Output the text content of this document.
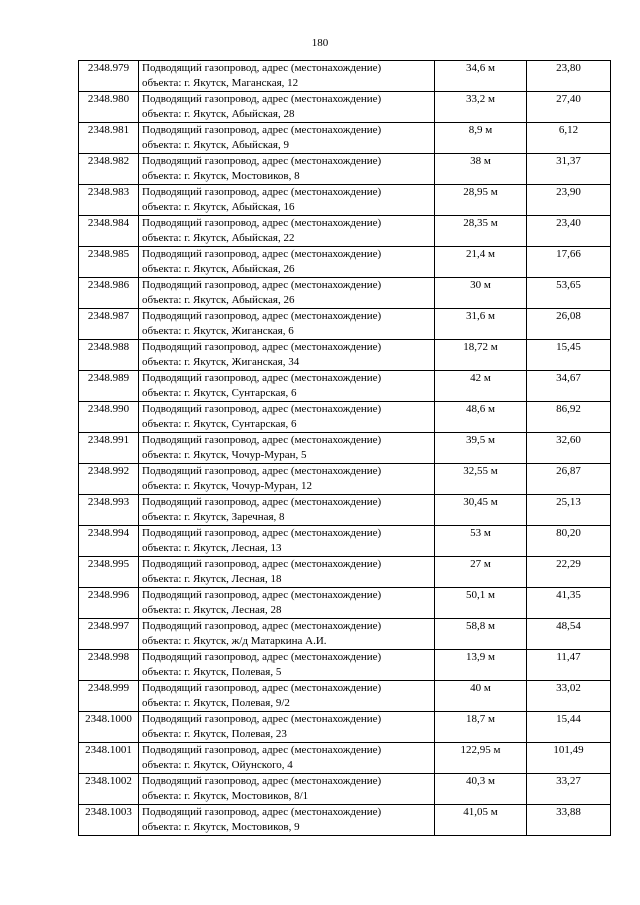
180
2348.979	Подводящий газопровод, адрес (местонахождение)
объекта: г. Якутск, Маганская, 12	34,6 м	23,80
2348.980	Подводящий газопровод, адрес (местонахождение)
объекта: г. Якутск, Абыйская, 28	33,2 м	27,40
2348.981	Подводящий газопровод, адрес (местонахождение)
объекта: г. Якутск, Абыйская, 9	8,9 м	6,12
2348.982	Подводящий газопровод, адрес (местонахождение)
объекта: г. Якутск, Мостовиков, 8	38 м	31,37
2348.983	Подводящий газопровод, адрес (местонахождение)
объекта: г. Якутск, Абыйская, 16	28,95 м	23,90
2348.984	Подводящий газопровод, адрес (местонахождение)
объекта: г. Якутск, Абыйская, 22	28,35 м	23,40
2348.985	Подводящий газопровод, адрес (местонахождение)
объекта: г. Якутск, Абыйская, 26	21,4 м	17,66
2348.986	Подводящий газопровод, адрес (местонахождение)
объекта: г. Якутск, Абыйская, 26	30 м	53,65
2348.987	Подводящий газопровод, адрес (местонахождение)
объекта: г. Якутск, Жиганская, 6	31,6 м	26,08
2348.988	Подводящий газопровод, адрес (местонахождение)
объекта: г. Якутск, Жиганская, 34	18,72 м	15,45
2348.989	Подводящий газопровод, адрес (местонахождение)
объекта: г. Якутск, Сунтарская, 6	42 м	34,67
2348.990	Подводящий газопровод, адрес (местонахождение)
объекта: г. Якутск, Сунтарская, 6	48,6 м	86,92
2348.991	Подводящий газопровод, адрес (местонахождение)
объекта: г. Якутск, Чочур-Муран, 5	39,5 м	32,60
2348.992	Подводящий газопровод, адрес (местонахождение)
объекта: г. Якутск, Чочур-Муран, 12	32,55 м	26,87
2348.993	Подводящий газопровод, адрес (местонахождение)
объекта: г. Якутск, Заречная, 8	30,45 м	25,13
2348.994	Подводящий газопровод, адрес (местонахождение)
объекта: г. Якутск, Лесная, 13	53 м	80,20
2348.995	Подводящий газопровод, адрес (местонахождение)
объекта: г. Якутск, Лесная, 18	27 м	22,29
2348.996	Подводящий газопровод, адрес (местонахождение)
объекта: г. Якутск, Лесная, 28	50,1 м	41,35
2348.997	Подводящий газопровод, адрес (местонахождение)
объекта: г. Якутск, ж/д Матаркина А.И.	58,8 м	48,54
2348.998	Подводящий газопровод, адрес (местонахождение)
объекта: г. Якутск, Полевая, 5	13,9 м	11,47
2348.999	Подводящий газопровод, адрес (местонахождение)
объекта: г. Якутск, Полевая, 9/2	40 м	33,02
2348.1000	Подводящий газопровод, адрес (местонахождение)
объекта: г. Якутск, Полевая, 23	18,7 м	15,44
2348.1001	Подводящий газопровод, адрес (местонахождение)
объекта: г. Якутск, Ойунского, 4	122,95 м	101,49
2348.1002	Подводящий газопровод, адрес (местонахождение)
объекта: г. Якутск, Мостовиков, 8/1	40,3 м	33,27
2348.1003	Подводящий газопровод, адрес (местонахождение)
объекта: г. Якутск, Мостовиков, 9	41,05 м	33,88
